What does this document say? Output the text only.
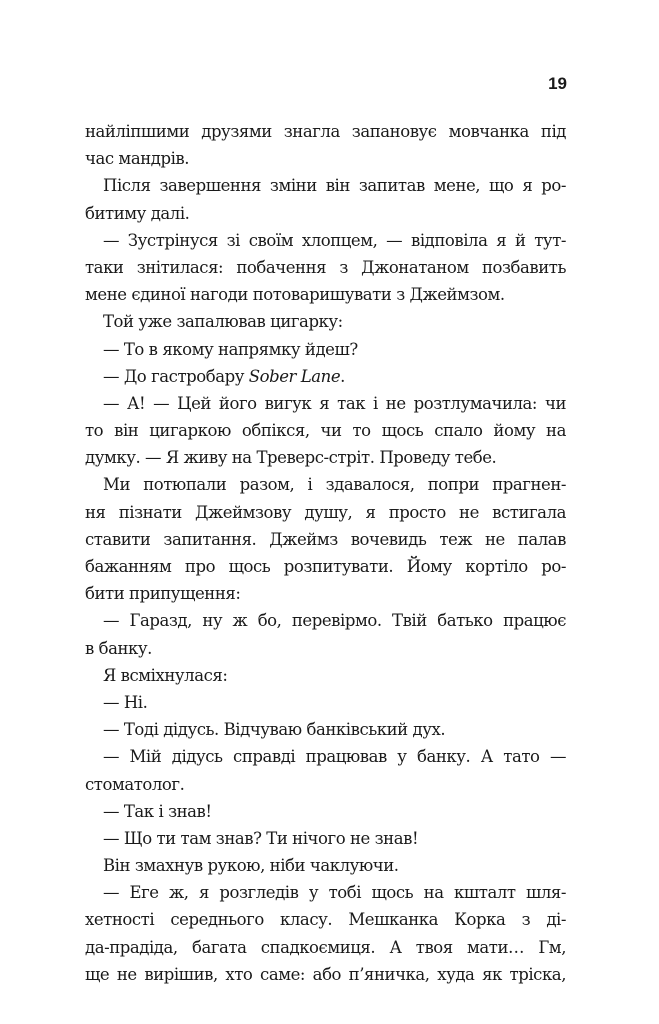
19
найліпшими друзями знагла запановує мовчанка під
час мандрів.
Після завершення зміни він запитав мене, що я ро-
битиму далі.
— Зустрінуся зі своїм хлопцем, — відповіла я й тут-
таки знітилася: побачення з Джонатаном позбавить
мене єдиної нагоди потоваришувати з Джеймзом.
Той уже запалював цигарку:
— То в якому напрямку йдеш?
— До гастробару Sober Lane.
— А! — Цей його вигук я так і не розтлумачила: чи
то він цигаркою обпікся, чи то щось спало йому на
думку. — Я живу на Треверс-стріт. Проведу тебе.
Ми потюпали разом, і здавалося, попри прагнен-
ня пізнати Джеймзову душу, я просто не встигала
ставити запитання. Джеймз вочевидь теж не палав
бажанням про щось розпитувати. Йому кортіло ро-
бити припущення:
— Гаразд, ну ж бо, перевірмо. Твій батько працює
в банку.
Я всміхнулася:
— Ні.
— Тоді дідусь. Відчуваю банківський дух.
— Мій дідусь справді працював у банку. А тато —
стоматолог.
— Так і знав!
— Що ти там знав? Ти нічого не знав!
Він змахнув рукою, ніби чаклуючи.
— Еге ж, я розгледів у тобі щось на кшталт шля-
хетності середнього класу. Мешканка Корка з ді-
да-прадіда, багата спадкоємиця. А твоя мати… Гм,
ще не вирішив, хто саме: або п’яничка, худа як тріска,
